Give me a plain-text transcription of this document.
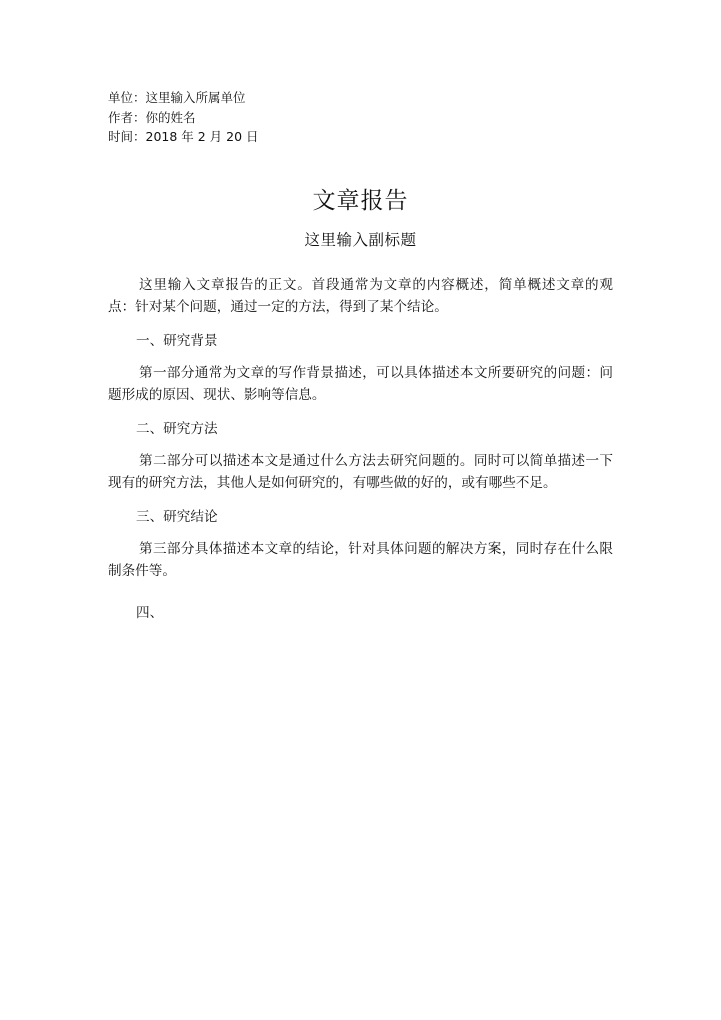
单位：这里输入所属单位
作者：你的姓名
时间：2018 年 2 月 20 日
文章报告
这里输入副标题

这里输入文章报告的正文。首段通常为文章的内容概述，简单概述文章的观点：针对某个问题，通过一定的方法，得到了某个结论。

一、研究背景

第一部分通常为文章的写作背景描述，可以具体描述本文所要研究的问题：问题形成的原因、现状、影响等信息。

二、研究方法

第二部分可以描述本文是通过什么方法去研究问题的。同时可以简单描述一下现有的研究方法，其他人是如何研究的，有哪些做的好的，或有哪些不足。

三、研究结论

第三部分具体描述本文章的结论，针对具体问题的解决方案，同时存在什么限制条件等。

四、
